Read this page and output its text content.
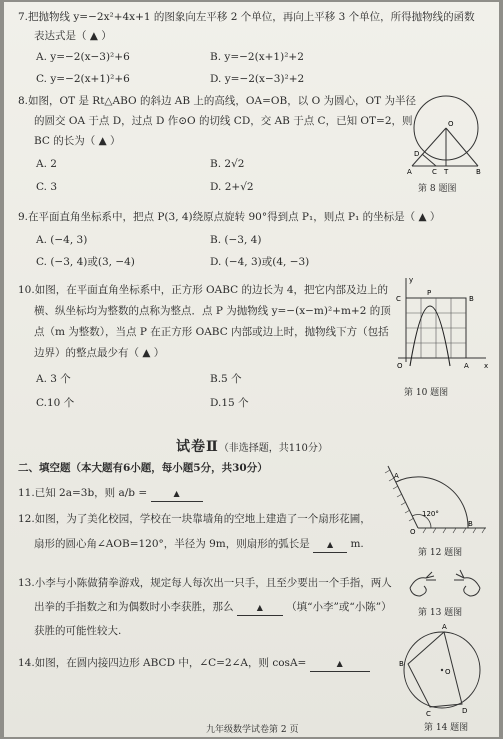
7.把抛物线 y=−2x²+4x+1 的图象向左平移 2 个单位，再向上平移 3 个单位，所得抛物线的函数
表达式是（ ▲ ）
A. y=−2(x−3)²+6	B. y=−2(x+1)²+2
C. y=−2(x+1)²+6	D. y=−2(x−3)²+2
8.如图，OT 是 Rt△ABO 的斜边 AB 上的高线，OA=OB，以 O 为圆心，OT 为半径
的圆交 OA 于点 D，过点 D 作⊙O 的切线 CD，交 AB 于点 C，已知 OT=2，则
BC 的长为（ ▲ ）
A. 2	B. 2√2
C. 3	D. 2+√2
O
D
A	C T	B
第 8 题图
9.在平面直角坐标系中，把点 P(3, 4)绕原点旋转 90°得到点 P₁，则点 P₁ 的坐标是（ ▲ ）
A. (−4, 3)	B. (−3, 4)
C. (−3, 4)或(3, −4)	D. (−4, 3)或(4, −3)
10.如图，在平面直角坐标系中，正方形 OABC 的边长为 4，把它内部及边上的
横、纵坐标均为整数的点称为整点．点 P 为抛物线 y=−(x−m)²+m+2 的顶
点（m 为整数），当点 P 在正方形 OABC 内部或边上时，抛物线下方（包括
边界）的整点最少有（ ▲ ）
A. 3 个	B.5 个
C.10 个	D.15 个
y
C
P
B
O	A x
第 10 题图
试卷Ⅱ（非选择题，共110分）
二、填空题（本大题有6小题，每小题5分，共30分）
11.已知 2a=3b，则 a/b =	▲
12.如图，为了美化校园，学校在一块靠墙角的空地上建造了一个扇形花圃，
扇形的圆心角∠AOB=120°，半径为 9m，则扇形的弧长是 ▲ m.
A
120°
O
B
第 12 题图
13.小李与小陈做猜拳游戏，规定每人每次出一只手，且至少要出一个手指，两人
出拳的手指数之和为偶数时小李获胜，那么	▲ （填“小李”或“小陈”）
获胜的可能性较大.
第 13 题图
14.如图，在圆内接四边形 ABCD 中，∠C=2∠A，则 cosA=	▲
A
B
O
C	D
第 14 题图
九年级数学试卷第 2 页
